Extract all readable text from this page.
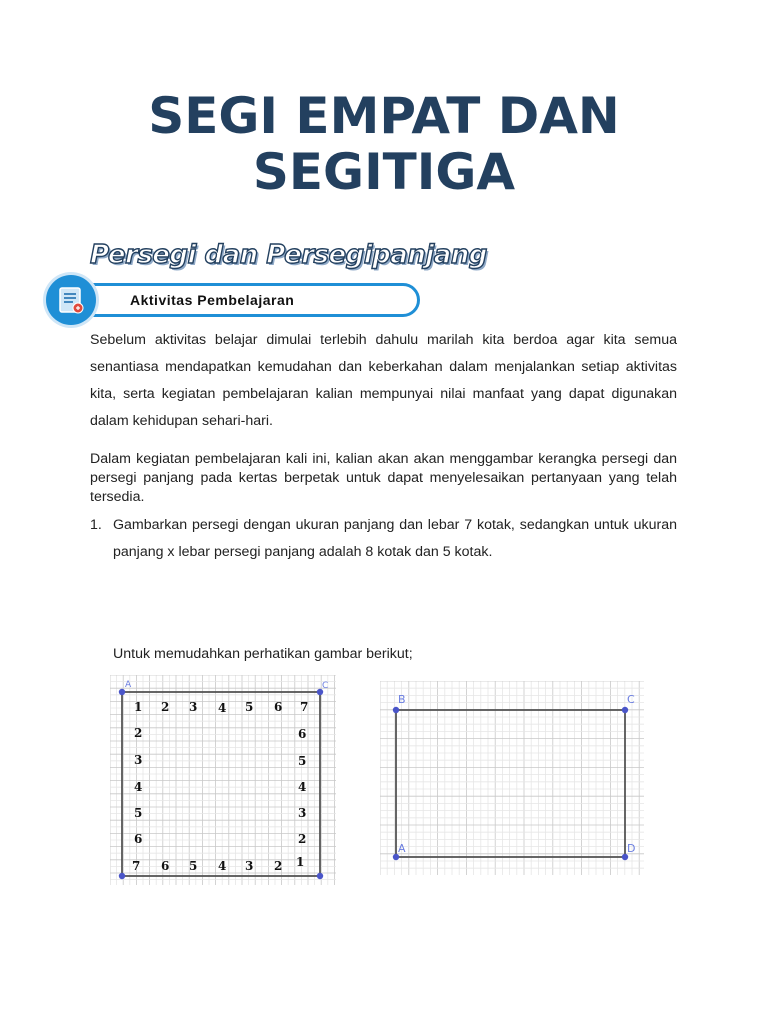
SEGI EMPAT DAN
SEGITIGA
Persegi dan Persegipanjang
Aktivitas Pembelajaran
Sebelum aktivitas belajar dimulai terlebih dahulu marilah kita berdoa agar kita semua senantiasa mendapatkan kemudahan dan keberkahan dalam menjalankan setiap aktivitas kita, serta kegiatan pembelajaran kalian mempunyai nilai manfaat yang dapat digunakan dalam kehidupan sehari-hari.
Dalam kegiatan pembelajaran kali ini, kalian akan akan menggambar kerangka persegi dan persegi panjang pada kertas berpetak untuk dapat menyelesaikan pertanyaan yang telah tersedia.
1. Gambarkan persegi dengan ukuran panjang dan lebar 7 kotak, sedangkan untuk ukuran panjang x lebar persegi panjang adalah 8 kotak dan 5 kotak.
Untuk memudahkan perhatikan gambar berikut;
A	C
1 2 3 4 5 6 7
2
3
4
5
6
6
5
4
3
2
7 6 5 4 3 2 1
B	C
A	D
